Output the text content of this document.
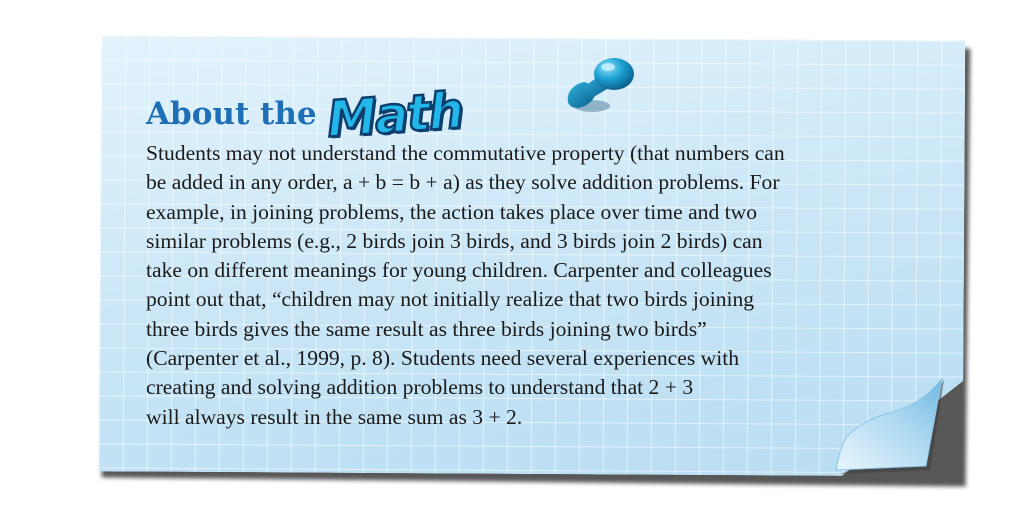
About the Math

Students may not understand the commutative property (that numbers can
be added in any order, a + b = b + a) as they solve addition problems. For
example, in joining problems, the action takes place over time and two
similar problems (e.g., 2 birds join 3 birds, and 3 birds join 2 birds) can
take on different meanings for young children. Carpenter and colleagues
point out that, “children may not initially realize that two birds joining
three birds gives the same result as three birds joining two birds”
(Carpenter et al., 1999, p. 8). Students need several experiences with
creating and solving addition problems to understand that 2 + 3
will always result in the same sum as 3 + 2.
